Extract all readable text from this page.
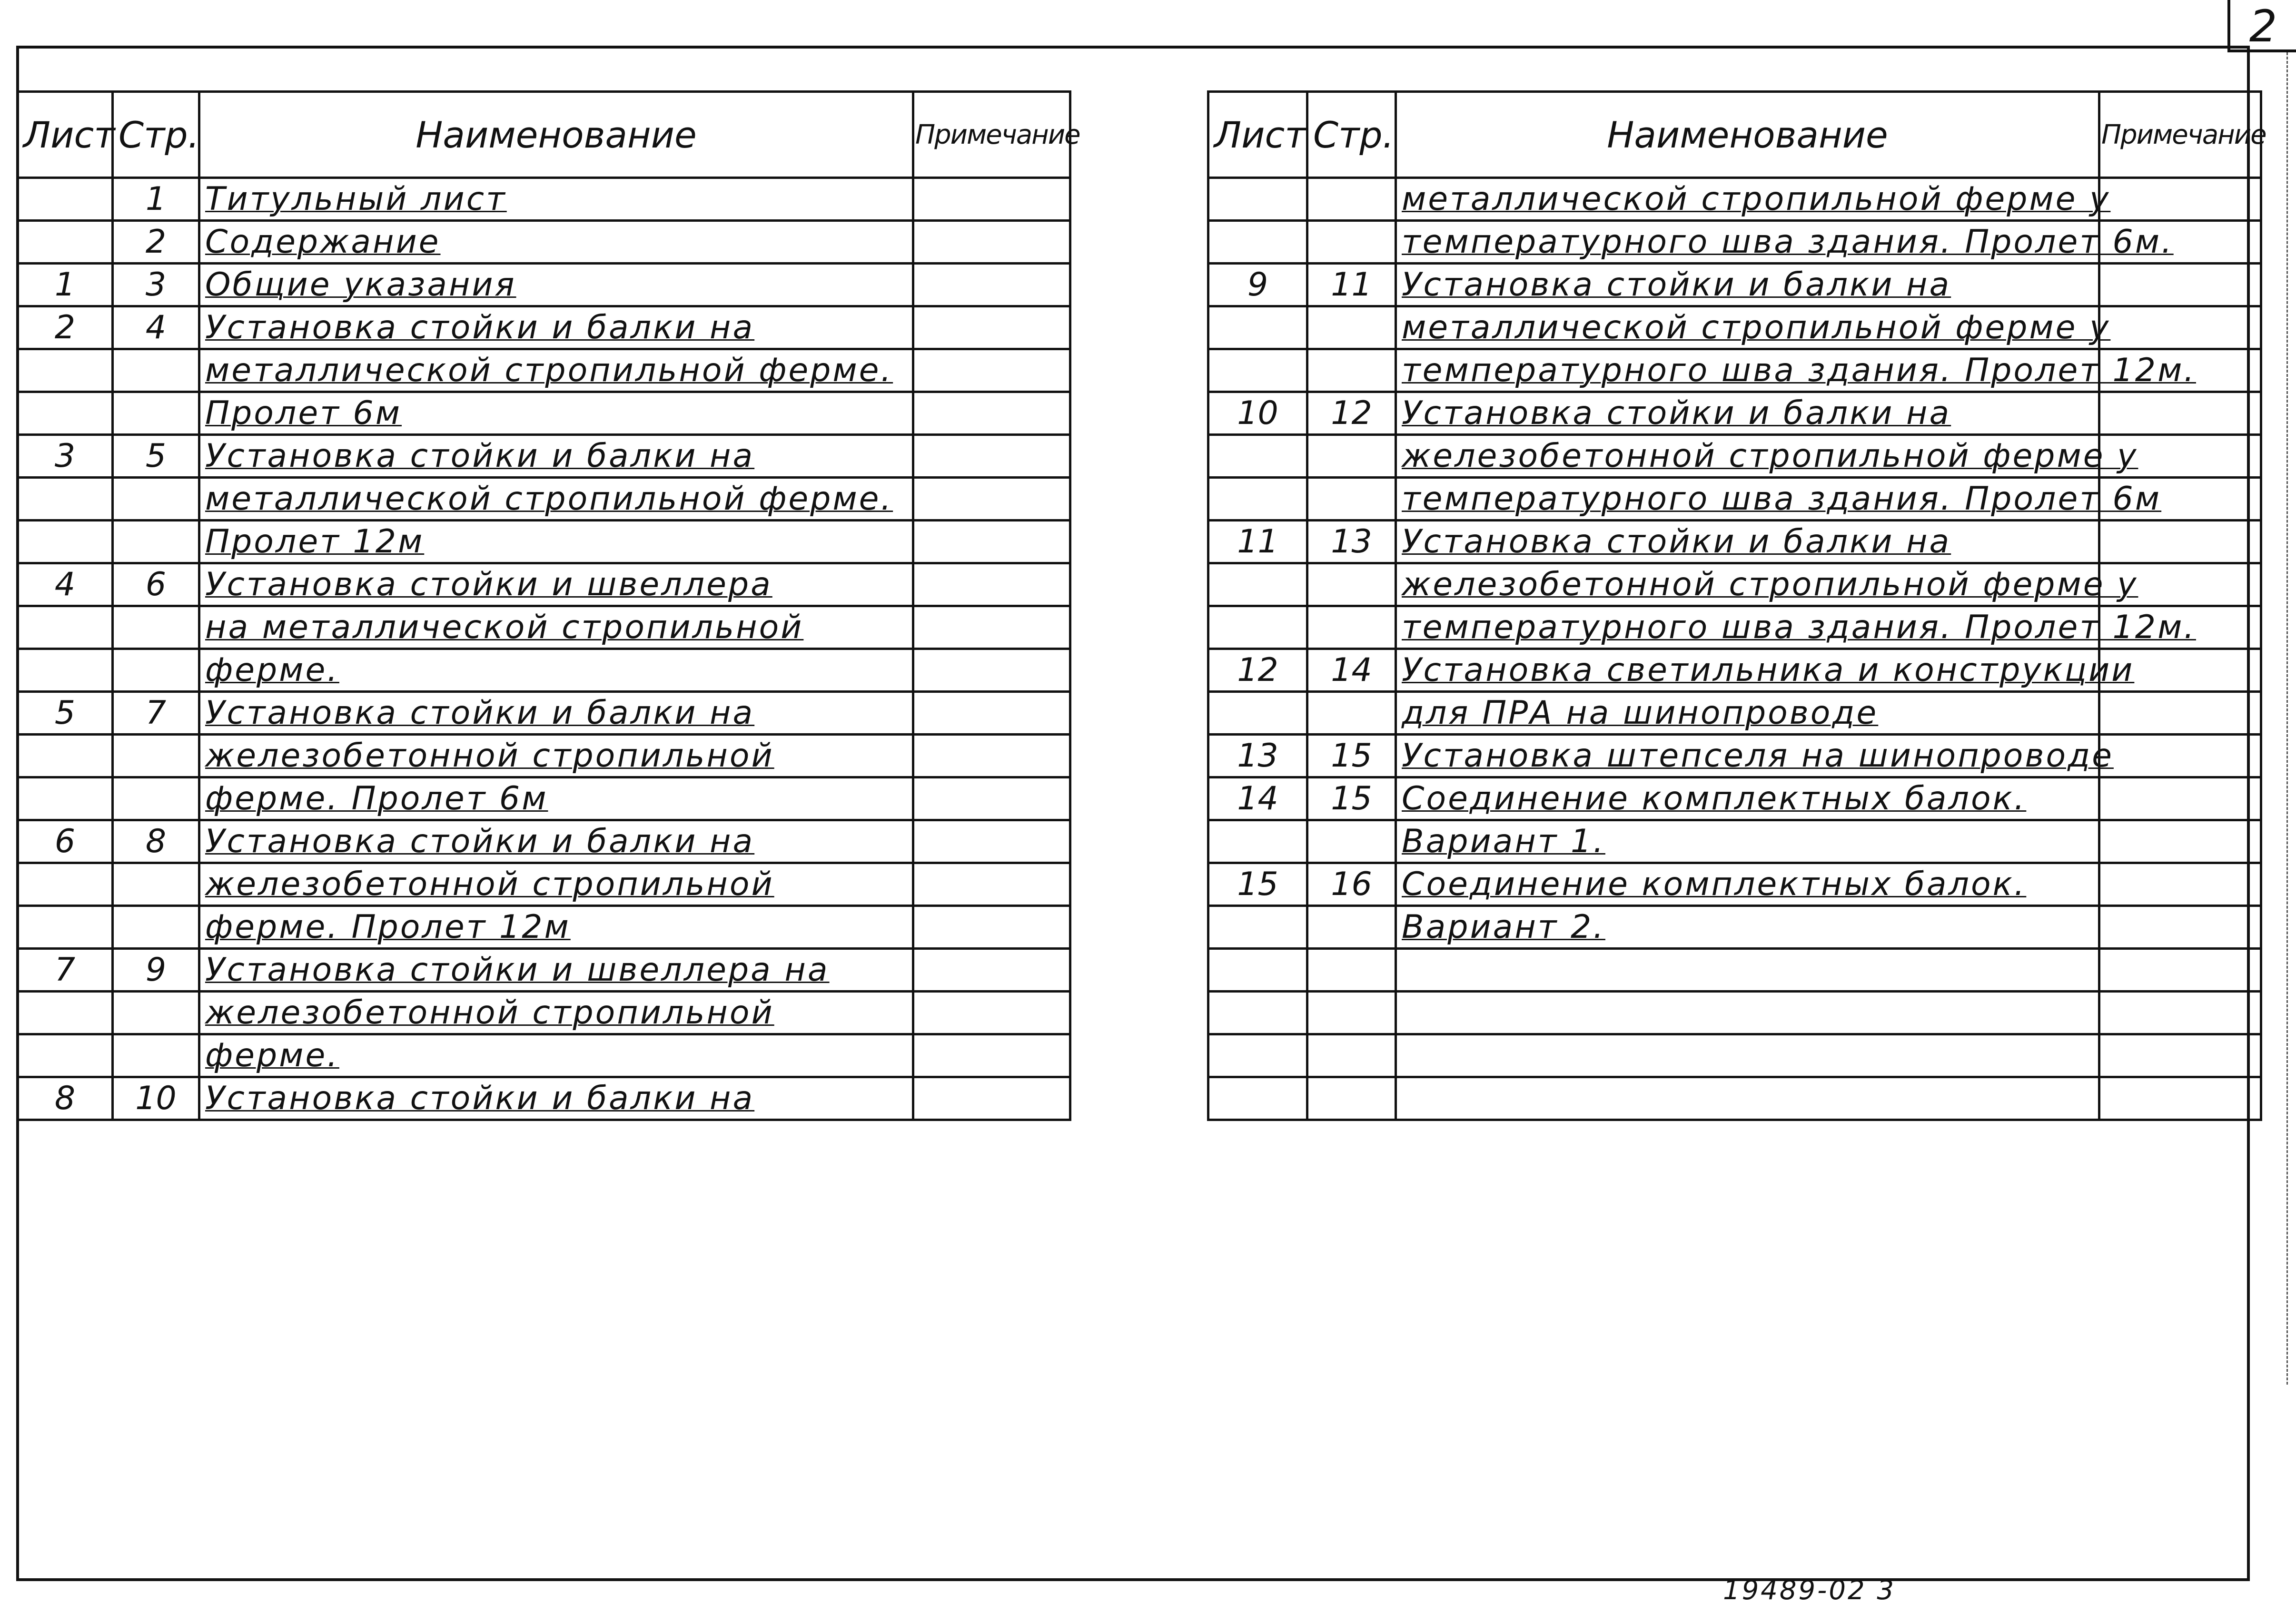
2
Лист	Стр.	Наименование	Примечание
	1	Титульный лист	
	2	Содержание	
1	3	Общие указания	
2	4	Установка стойки и балки на	
		металлической стропильной ферме.	
		Пролет 6м	
3	5	Установка стойки и балки на	
		металлической стропильной ферме.	
		Пролет 12м	
4	6	Установка стойки и швеллера	
		на металлической стропильной	
		ферме.	
5	7	Установка стойки и балки на	
		железобетонной стропильной	
		ферме. Пролет 6м	
6	8	Установка стойки и балки на	
		железобетонной стропильной	
		ферме. Пролет 12м	
7	9	Установка стойки и швеллера на	
		железобетонной стропильной	
		ферме.	
8	10	Установка стойки и балки на	
Лист	Стр.	Наименование	Примечание
		металлической стропильной ферме у	
		температурного шва здания. Пролет 6м.	
9	11	Установка стойки и балки на	
		металлической стропильной ферме у	
		температурного шва здания. Пролет 12м.	
10	12	Установка стойки и балки на	
		железобетонной стропильной ферме у	
		температурного шва здания. Пролет 6м	
11	13	Установка стойки и балки на	
		железобетонной стропильной ферме у	
		температурного шва здания. Пролет 12м.	
12	14	Установка светильника и конструкции	
		для ПРА на шинопроводе	
13	15	Установка штепселя на шинопроводе	
14	15	Соединение комплектных балок.	
		Вариант 1.	
15	16	Соединение комплектных балок.	
		Вариант 2.	

19489-02 3
